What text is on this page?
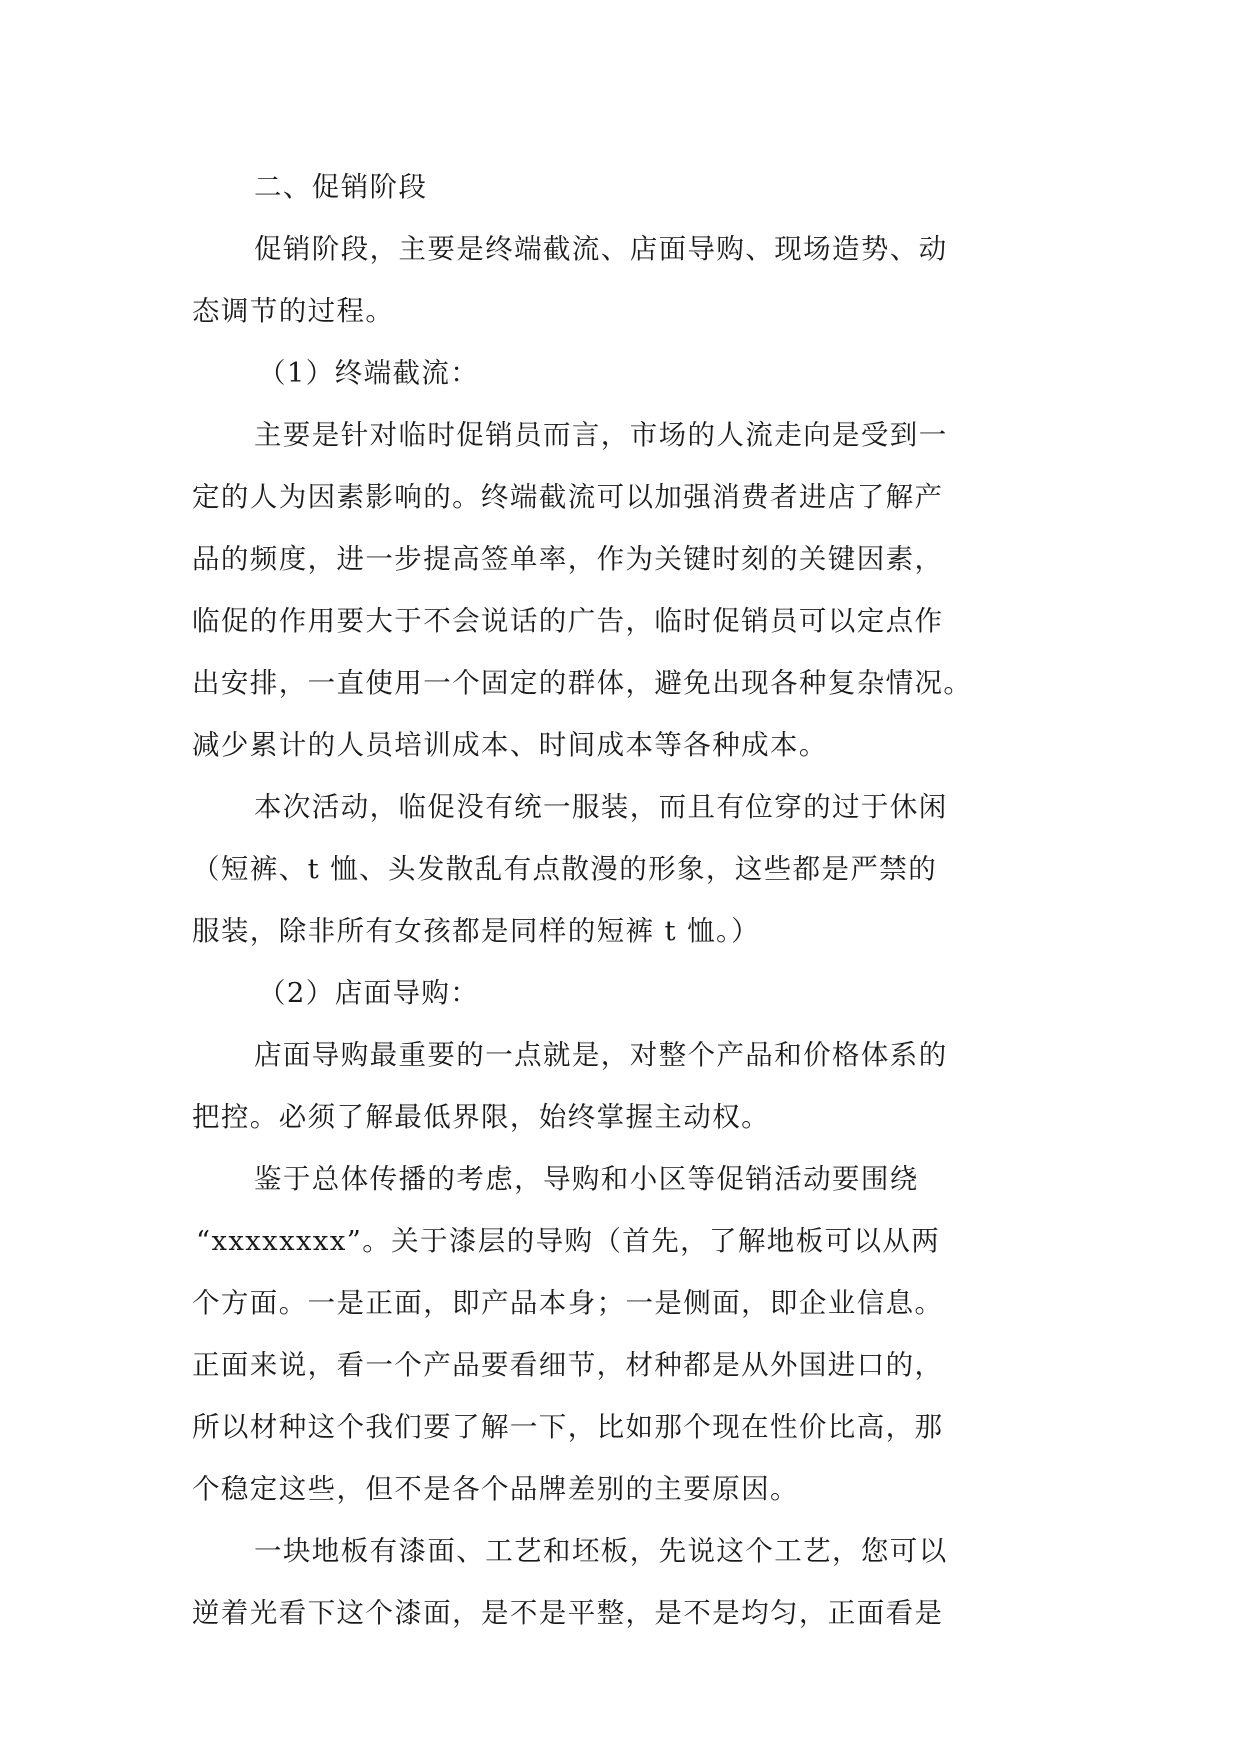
二、促销阶段
促销阶段，主要是终端截流、店面导购、现场造势、动
态调节的过程。
（1）终端截流：
主要是针对临时促销员而言，市场的人流走向是受到一
定的人为因素影响的。终端截流可以加强消费者进店了解产
品的频度，进一步提高签单率，作为关键时刻的关键因素，
临促的作用要大于不会说话的广告，临时促销员可以定点作
出安排，一直使用一个固定的群体，避免出现各种复杂情况。
减少累计的人员培训成本、时间成本等各种成本。
本次活动，临促没有统一服装，而且有位穿的过于休闲
（短裤、t 恤、头发散乱有点散漫的形象，这些都是严禁的
服装，除非所有女孩都是同样的短裤 t 恤。）
（2）店面导购：
店面导购最重要的一点就是，对整个产品和价格体系的
把控。必须了解最低界限，始终掌握主动权。
鉴于总体传播的考虑，导购和小区等促销活动要围绕
“xxxxxxxx”。关于漆层的导购（首先，了解地板可以从两
个方面。一是正面，即产品本身；一是侧面，即企业信息。
正面来说，看一个产品要看细节，材种都是从外国进口的，
所以材种这个我们要了解一下，比如那个现在性价比高，那
个稳定这些，但不是各个品牌差别的主要原因。
一块地板有漆面、工艺和坯板，先说这个工艺，您可以
逆着光看下这个漆面，是不是平整，是不是均匀，正面看是
